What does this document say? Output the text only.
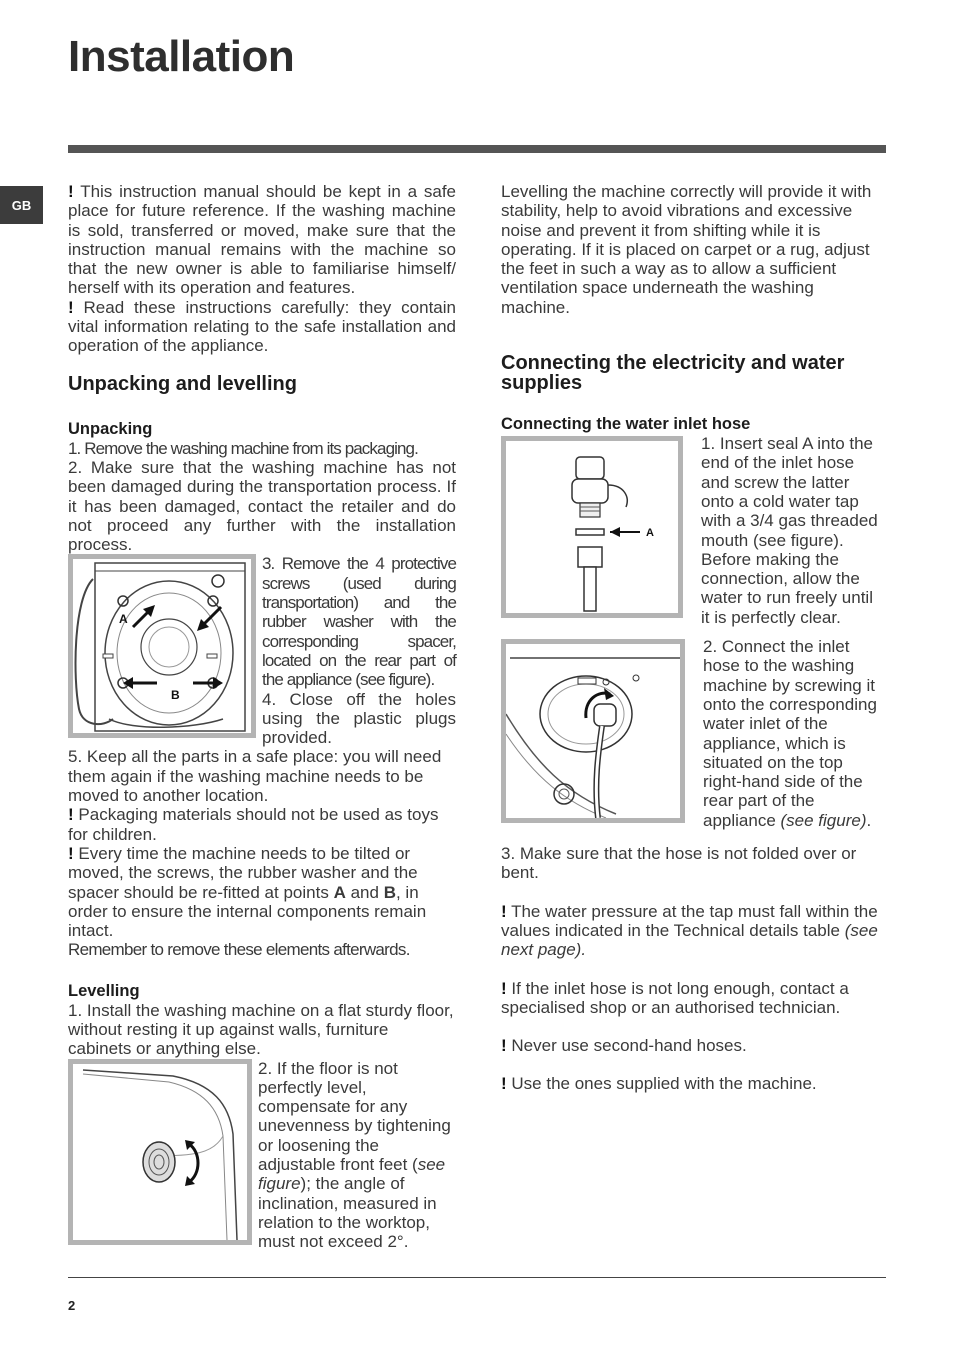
Installation
GB

! This instruction manual should be kept in a safe place for future reference. If the washing machine is sold, transferred or moved, make sure that the instruction manual remains with the machine so that the new owner is able to familiarise himself/ herself with its operation and features.

! Read these instructions carefully: they contain vital information relating to the safe installation and operation of the appliance.

Unpacking and levelling
Unpacking

1. Remove the washing machine from its packaging.

2. Make sure that the washing machine has not been damaged during the transportation process. If it has been damaged, contact the retailer and do not proceed any further with the installation process.

A
B

3. Remove the 4 protective screws (used during transportation) and the rubber washer with the corresponding spacer, located on the rear part of the appliance (see figure).

4. Close off the holes using the plastic plugs provided.

5. Keep all the parts in a safe place: you will need them again if the washing machine needs to be moved to another location.

! Packaging materials should not be used as toys for children.

! Every time the machine needs to be tilted or moved, the screws, the rubber washer and the spacer should be re-fitted at points A and B, in order to ensure the internal components remain intact.

Remember to remove these elements afterwards.

Levelling

1. Install the washing machine on a flat sturdy floor, without resting it up against walls, furniture cabinets or anything else.

2. If the floor is not perfectly level, compensate for any unevenness by tightening or loosening the adjustable front feet (see figure); the angle of inclination, measured in relation to the worktop, must not exceed 2°.

Levelling the machine correctly will provide it with stability, help to avoid vibrations and excessive noise and prevent it from shifting while it is operating. If it is placed on carpet or a rug, adjust the feet in such a way as to allow a sufficient ventilation space underneath the washing machine.

Connecting the electricity and water supplies
Connecting the water inlet hose
A

1. Insert seal A into the end of the inlet hose and screw the latter onto a cold water tap with a 3/4 gas threaded mouth (see figure).

Before making the connection, allow the water to run freely until it is perfectly clear.

2. Connect the inlet hose to the washing machine by screwing it onto the corresponding water inlet of the appliance, which is situated on the top right-hand side of the rear part of the appliance (see figure).

3. Make sure that the hose is not folded over or bent.

! The water pressure at the tap must fall within the values indicated in the Technical details table (see next page).

! If the inlet hose is not long enough, contact a specialised shop or an authorised technician.

! Never use second-hand hoses.

! Use the ones supplied with the machine.

2
